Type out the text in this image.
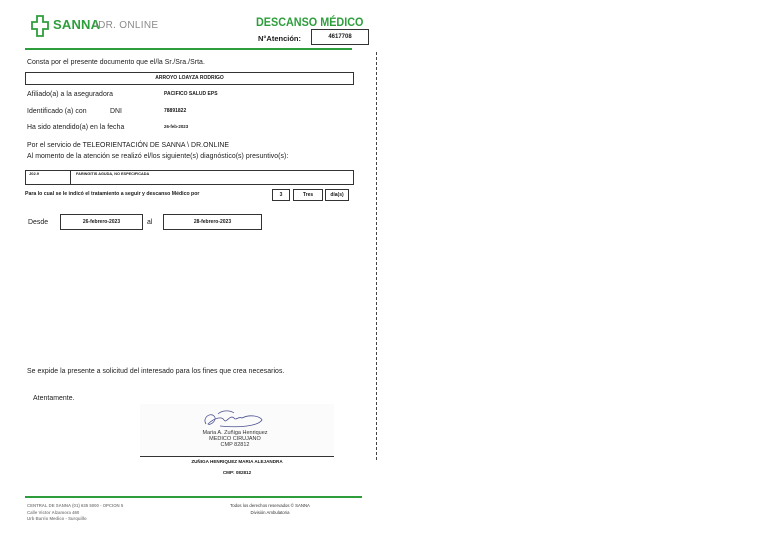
SANNA
\DR. ONLINE	DESCANSO MÉDICO
N°Atención:	4617708
Consta por el presente documento que el/la Sr./Sra./Srta.
ARROYO LOAYZA RODRIGO
Afiliado(a) a la aseguradora	PACIFICO SALUD EPS
Identificado (a) con	DNI	78891822
Ha sido atendido(a) en la fecha	26-feb-2023
Por el servicio de TELEORIENTACIÓN DE SANNA \ DR.ONLINE
Al momento de la atención se realizó el/los siguiente(s) diagnóstico(s) presuntivo(s):
J02.9	FARINGITIS AGUDA, NO ESPECIFICADA
Para lo cual se le indicó el tratamiento a seguir y descanso Médico por	3	Tres	día(s)
Desde	26-febrero-2023	al	28-febrero-2023
Se expide la presente a solicitud del interesado para los fines que crea necesarios.
Atentamente.
Maria A. Zuñiga Henriquez
MEDICO CIRUJANO
CMP 82812
ZUÑIGA HENRIQUEZ MARIA ALEJANDRA
CMP: 082812
CENTRAL DE SANNA (01) 635 5000 - OPCION 5
Calle Victor Alzamora 460
Urb Barrio Medico - Surquillo
Todos los derechos reservados © SANNA
División Ambulatoria
